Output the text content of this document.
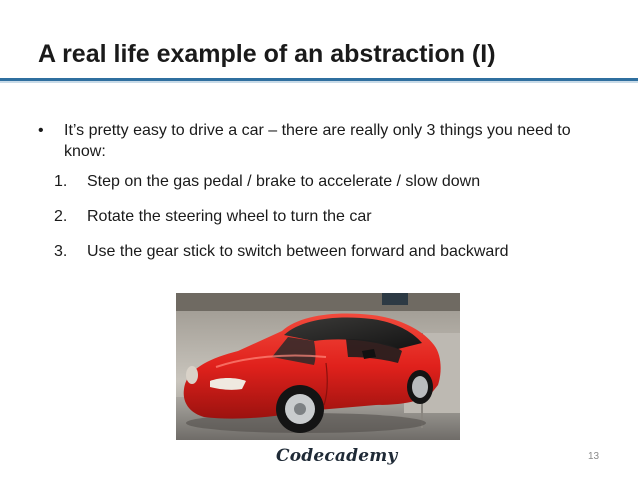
A real life example of an abstraction (I)
• It’s pretty easy to drive a car – there are really only 3 things you need to know:
1. Step on the gas pedal / brake to accelerate / slow down
2. Rotate the steering wheel to turn the car
3. Use the gear stick to switch between forward and backward
Codecademy	13
